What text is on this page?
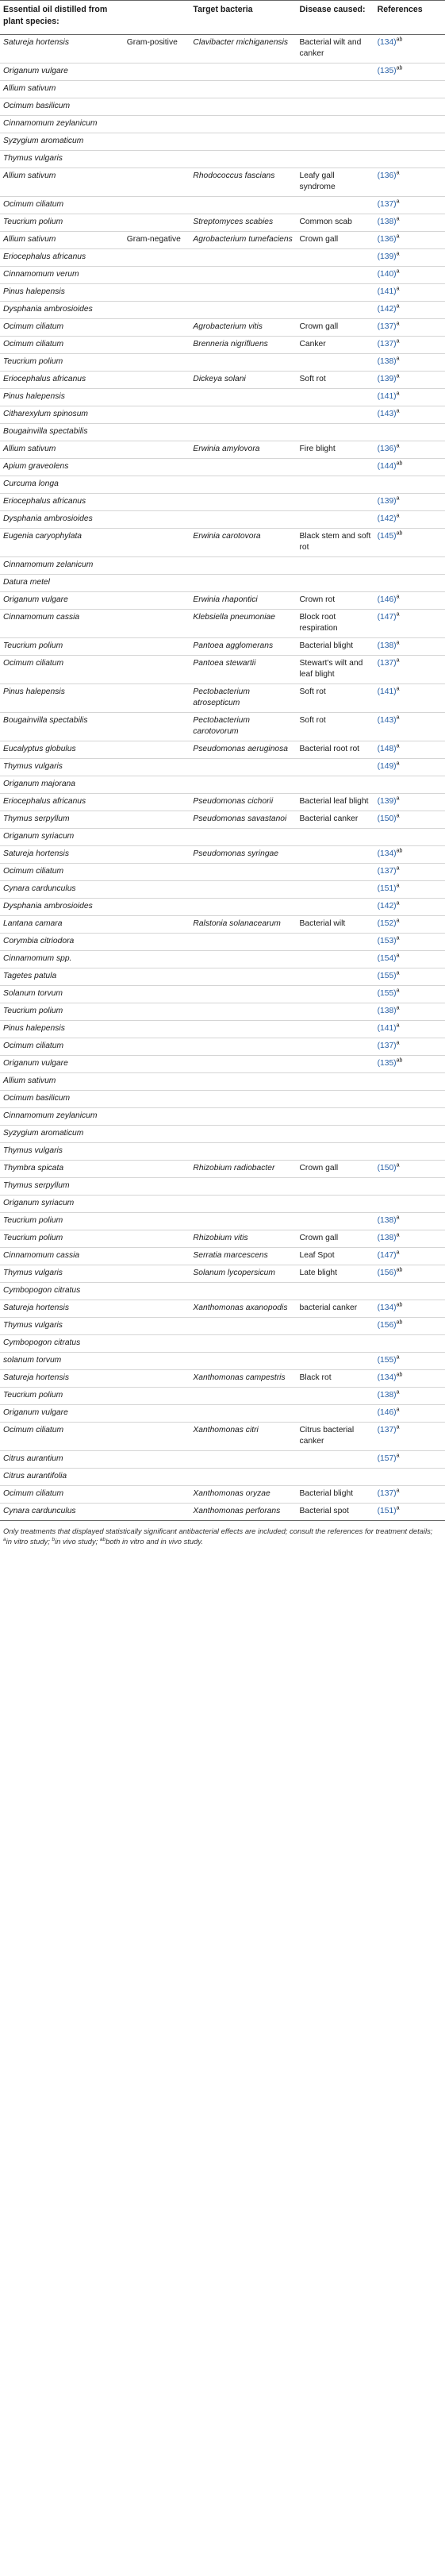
Essential oil distilled from plant species:		Target bacteria	Disease caused:	References
Satureja hortensis	Gram-positive	Clavibacter michiganensis	Bacterial wilt and canker	$(134)^{ab}$
Origanum vulgare				$(135)^{ab}$
Allium sativum				
Ocimum basilicum				
Cinnamomum zeylanicum				
Syzygium aromaticum				
Thymus vulgaris				
Allium sativum		Rhodococcus fascians	Leafy gall syndrome	$(136)^a$
Ocimum ciliatum				$(137)^a$
Teucrium polium		Streptomyces scabies	Common scab	$(138)^a$
Allium sativum	Gram-negative	Agrobacterium tumefaciens	Crown gall	$(136)^a$
Eriocephalus africanus				$(139)^a$
Cinnamomum verum				$(140)^a$
Pinus halepensis				$(141)^a$
Dysphania ambrosioides				$(142)^a$
Ocimum ciliatum		Agrobacterium vitis	Crown gall	$(137)^a$
Ocimum ciliatum		Brenneria nigrifluens	Canker	$(137)^a$
Teucrium polium				$(138)^a$
Eriocephalus africanus		Dickeya solani	Soft rot	$(139)^a$
Pinus halepensis				$(141)^a$
Citharexylum spinosum				$(143)^a$
Bougainvilla spectabilis				
Allium sativum		Erwinia amylovora	Fire blight	$(136)^a$
Apium graveolens				$(144)^{ab}$
Curcuma longa				
Eriocephalus africanus				$(139)^a$
Dysphania ambrosioides				$(142)^a$
Eugenia caryophylata		Erwinia carotovora	Black stem and soft rot	$(145)^{ab}$
Cinnamomum zelanicum				
Datura metel				
Origanum vulgare		Erwinia rhapontici	Crown rot	$(146)^a$
Cinnamomum cassia		Klebsiella pneumoniae	Block root respiration	$(147)^a$
Teucrium polium		Pantoea agglomerans	Bacterial blight	$(138)^a$
Ocimum ciliatum		Pantoea stewartii	Stewart's wilt and leaf blight	$(137)^a$
Pinus halepensis		Pectobacterium atrosepticum	Soft rot	$(141)^a$
Bougainvilla spectabilis		Pectobacterium carotovorum	Soft rot	$(143)^a$
Eucalyptus globulus		Pseudomonas aeruginosa	Bacterial root rot	$(148)^a$
Thymus vulgaris				$(149)^a$
Origanum majorana				
Eriocephalus africanus		Pseudomonas cichorii	Bacterial leaf blight	$(139)^a$
Thymus serpyllum		Pseudomonas savastanoi	Bacterial canker	$(150)^a$
Origanum syriacum				
Satureja hortensis		Pseudomonas syringae		$(134)^{ab}$
Ocimum ciliatum				$(137)^a$
Cynara cardunculus				$(151)^a$
Dysphania ambrosioides				$(142)^a$
Lantana camara		Ralstonia solanacearum	Bacterial wilt	$(152)^a$
Corymbia citriodora				$(153)^a$
Cinnamomum spp.				$(154)^a$
Tagetes patula				$(155)^a$
Solanum torvum				$(155)^a$
Teucrium polium				$(138)^a$
Pinus halepensis				$(141)^a$
Ocimum ciliatum				$(137)^a$
Origanum vulgare				$(135)^{ab}$
Allium sativum				
Ocimum basilicum				
Cinnamomum zeylanicum				
Syzygium aromaticum				
Thymus vulgaris				
Thymbra spicata		Rhizobium radiobacter	Crown gall	$(150)^a$
Thymus serpyllum				
Origanum syriacum				
Teucrium polium				$(138)^a$
Teucrium polium		Rhizobium vitis	Crown gall	$(138)^a$
Cinnamomum cassia		Serratia marcescens	Leaf Spot	$(147)^a$
Thymus vulgaris		Solanum lycopersicum	Late blight	$(156)^{ab}$
Cymbopogon citratus				
Satureja hortensis		Xanthomonas axanopodis	bacterial canker	$(134)^{ab}$
Thymus vulgaris				$(156)^{ab}$
Cymbopogon citratus				
solanum torvum				$(155)^a$
Satureja hortensis		Xanthomonas campestris	Black rot	$(134)^{ab}$
Teucrium polium				$(138)^a$
Origanum vulgare				$(146)^a$
Ocimum ciliatum		Xanthomonas citri	Citrus bacterial canker	$(137)^a$
Citrus aurantium				$(157)^a$
Citrus aurantifolia				
Ocimum ciliatum		Xanthomonas oryzae	Bacterial blight	$(137)^a$
Cynara cardunculus		Xanthomonas perforans	Bacterial spot	$(151)^a$
Only treatments that displayed statistically significant antibacterial effects are included; consult the references for treatment details; $^a$in vitro study; $^b$in vivo study; $^{ab}$both in vitro and in vivo study.
